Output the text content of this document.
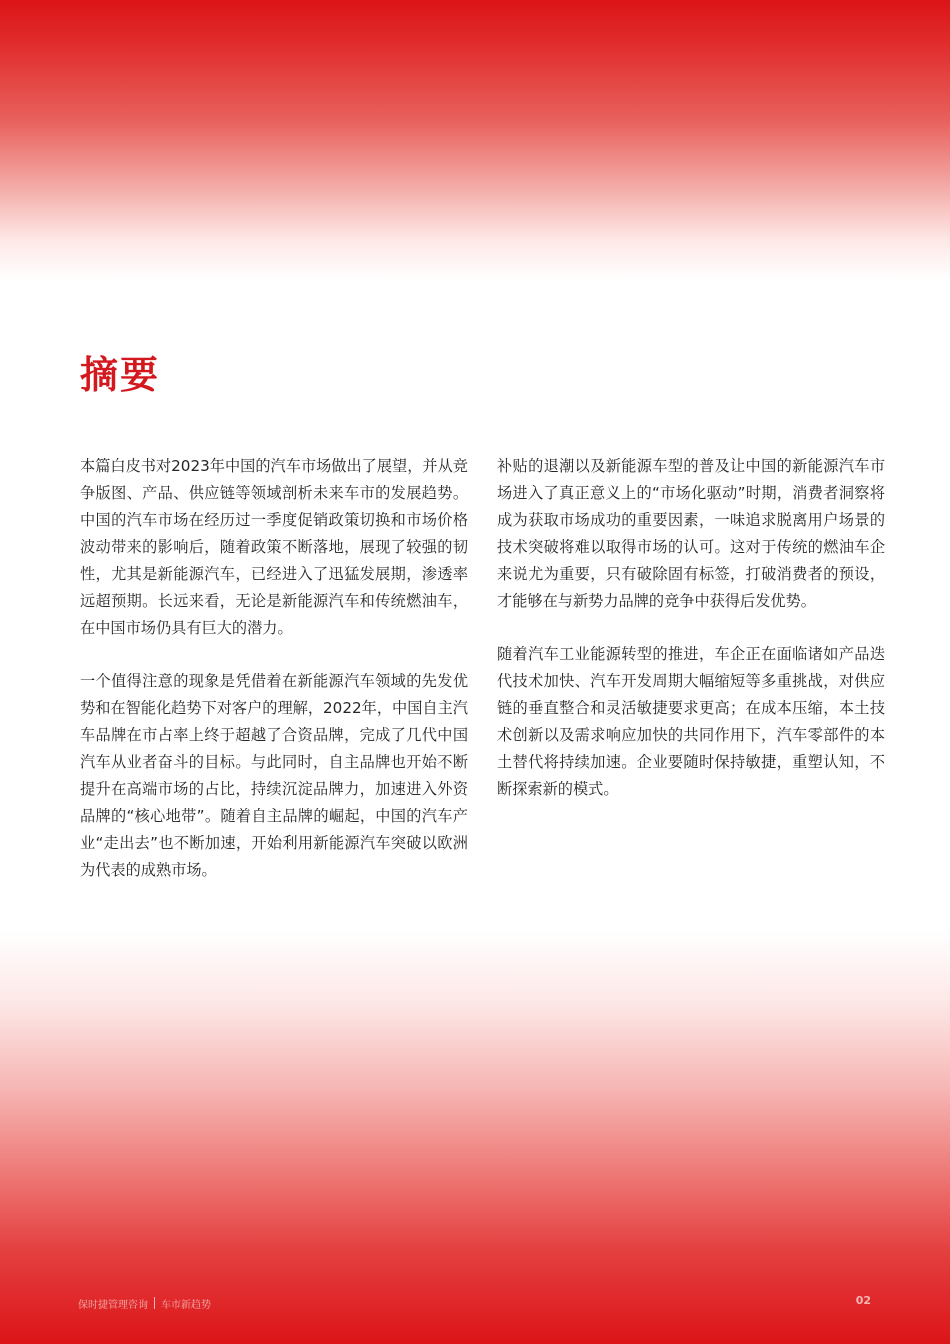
摘要

本篇白皮书对2023年中国的汽车市场做出了展望，并从竞争版图、产品、供应链等领域剖析未来车市的发展趋势。中国的汽车市场在经历过一季度促销政策切换和市场价格波动带来的影响后，随着政策不断落地，展现了较强的韧性，尤其是新能源汽车，已经进入了迅猛发展期，渗透率远超预期。长远来看，无论是新能源汽车和传统燃油车，在中国市场仍具有巨大的潜力。

一个值得注意的现象是凭借着在新能源汽车领域的先发优势和在智能化趋势下对客户的理解，2022年，中国自主汽车品牌在市占率上终于超越了合资品牌，完成了几代中国汽车从业者奋斗的目标。与此同时，自主品牌也开始不断提升在高端市场的占比，持续沉淀品牌力，加速进入外资品牌的“核心地带”。随着自主品牌的崛起，中国的汽车产业“走出去”也不断加速，开始利用新能源汽车突破以欧洲为代表的成熟市场。

补贴的退潮以及新能源车型的普及让中国的新能源汽车市场进入了真正意义上的“市场化驱动”时期，消费者洞察将成为获取市场成功的重要因素，一味追求脱离用户场景的技术突破将难以取得市场的认可。这对于传统的燃油车企来说尤为重要，只有破除固有标签，打破消费者的预设，才能够在与新势力品牌的竞争中获得后发优势。

随着汽车工业能源转型的推进，车企正在面临诸如产品迭代技术加快、汽车开发周期大幅缩短等多重挑战，对供应链的垂直整合和灵活敏捷要求更高；在成本压缩，本土技术创新以及需求响应加快的共同作用下，汽车零部件的本土替代将持续加速。企业要随时保持敏捷，重塑认知，不断探索新的模式。

保时捷管理咨询 车市新趋势	02
